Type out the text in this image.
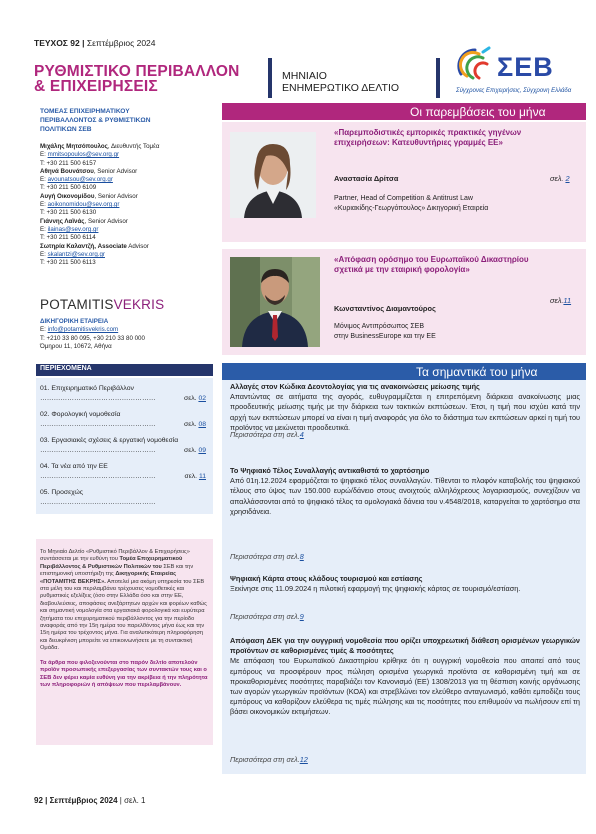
ΤΕΥΧΟΣ 92 | Σεπτέμβριος 2024
ΡΥΘΜΙΣΤΙΚΟ ΠΕΡΙΒΑΛΛΟΝ
& ΕΠΙΧΕΙΡΗΣΕΙΣ
ΜΗΝΙΑΙΟ
ΕΝΗΜΕΡΩΤΙΚΟ ΔΕΛΤΙΟ
ΣΕΒ
Σύγχρονες Επιχειρήσεις, Σύγχρονη Ελλάδα
ΤΟΜΕΑΣ ΕΠΙΧΕΙΡΗΜΑΤΙΚΟΥ
ΠΕΡΙΒΑΛΛΟΝΤΟΣ & ΡΥΘΜΙΣΤΙΚΩΝ
ΠΟΛΙΤΙΚΩΝ ΣΕΒ
Μιχάλης Μητσόπουλος, Διευθυντής Τομέα
E: mmitsopoulos@sev.org.gr
T: +30 211 500 6157
Αθηνά Βουνάτσου, Senior Advisor
E: avounatsou@sev.org.gr
T: +30 211 500 6109
Αυγή Οικονομίδου, Senior Advisor
E: aoikonomidou@sev.org.gr
T: +30 211 500 6130
Γιάννης Λαϊνάς, Senior Advisor
E: ilainas@sev.org.gr
T: +30 211 500 6114
Σωτηρία Καλαντζή, Associate Advisor
E: skalantzi@sev.org.gr
T: +30 211 500 6113
POTAMITISVEKRIS
ΔΙΚΗΓΟΡΙΚΗ ΕΤΑΙΡΕΙΑ
E: info@potamitisvekris.com
T: +210 33 80 095, +30 210 33 80 000
Όμηρου 11, 10672, Αθήνα
ΠΕΡΙΕΧΟΜΕΝΑ
01. Επιχειρηματικό Περιβάλλον
……………………………………………	σελ. 02
02. Φορολογική νομοθεσία
……………………………………………	σελ. 08
03. Εργασιακές σχέσεις & εργατική νομοθεσία
……………………………………………	σελ. 09
04. Τα νέα από την ΕΕ
……………………………………………	σελ. 11
05. Προσεχώς
……………………………………………
Το Μηνιαίο Δελτίο «Ρυθμιστικό Περιβάλλον & Επιχειρήσεις» συντάσσεται με την ευθύνη του Τομέα Επιχειρηματικού Περιβάλλοντος & Ρυθμιστικών Πολιτικών του ΣΕΒ και την επιστημονική υποστήριξη της Δικηγορικής Εταιρείας «ΠΟΤΑΜΙΤΗΣ ΒΕΚΡΗΣ». Αποτελεί μια ακόμη υπηρεσία του ΣΕΒ στα μέλη του και περιλαμβάνει τρέχουσες νομοθετικές και ρυθμιστικές εξελίξεις (όσο στην Ελλάδα όσο και στην ΕΕ, διαβουλεύσεις, αποφάσεις ανεξάρτητων αρχών και φορέων καθώς και σημαντική νομολογία στα εργασιακά φορολογικά και ευρύτερα ζητήματα του επιχειρηματικού περιβάλλοντος για την περίοδο αναφοράς από την 15η ημέρα του παρελθόντος μήνα έως και την 15η ημέρα του τρέχοντος μήνα. Για αναλυτικότερη πληροφόρηση και διευκρίνιση μπορείτε να επικοινωνήσετε με τη συντακτική Ομάδα.
Τα άρθρα που φιλοξενούνται στο παρόν δελτίο αποτελούν προϊόν προσωπικής επεξεργασίας των συντακτών τους και ο ΣΕΒ δεν φέρει καμία ευθύνη για την ακρίβεια ή την πληρότητα των πληροφοριών ή απόψεων που περιλαμβάνουν.
Οι παρεμβάσεις του μήνα
«Παρεμποδιστικές εμπορικές πρακτικές γηγένων επιχειρήσεων: Κατευθυντήριες γραμμές ΕΕ»
Αναστασία Δρίτσα	σελ. 2
Partner, Head of Competition & Antitrust Law
«Κυριακίδης-Γεωργόπουλος» Δικηγορική Εταιρεία
«Απόφαση ορόσημο του Ευρωπαϊκού Δικαστηρίου σχετικά με την εταιρική φορολογία»
Κωνσταντίνος Διαμαντούρος
σελ.11
Μόνιμος Αντιπρόσωπος ΣΕΒ
στην BusinessEurope και την ΕΕ
Τα σημαντικά του μήνα
Αλλαγές στον Κώδικα Δεοντολογίας για τις ανακοινώσεις μείωσης τιμής
Απαντώντας σε αιτήματα της αγοράς, ευθυγραμμίζεται η επιτρεπόμενη διάρκεια ανακοίνωσης μιας προοδευτικής μείωσης τιμής με την διάρκεια των τακτικών εκπτώσεων. Έτσι, η τιμή που ισχύει κατά την αρχή των εκπτώσεων μπορεί να είναι η τιμή αναφοράς για όλο το διάστημα των εκπτώσεων αρκεί η τιμή του προϊόντος να μειώνεται προοδευτικά.
Περισσότερα στη σελ.4
Το Ψηφιακό Τέλος Συναλλαγής αντικαθιστά το χαρτόσημο
Από 01η.12.2024 εφαρμόζεται το ψηφιακό τέλος συναλλαγών. Τίθενται το πλαφόν καταβολής του ψηφιακού τέλους στο ύψος των 150.000 ευρώ/δάνειο στους ανοιχτούς αλληλόχρεους λογαριασμούς, συνεχίζουν να απαλλάσσονται από το ψηφιακό τέλος τα ομολογιακά δάνεια του ν.4548/2018, καταργείται το χαρτόσημο στα χρησιδάνεια.
Περισσότερα στη σελ.8
Ψηφιακή Κάρτα στους κλάδους τουρισμού και εστίασης
Ξεκίνησε στις 11.09.2024 η πιλοτική εφαρμογή της ψηφιακής κάρτας σε τουρισμό/εστίαση.
Περισσότερα στη σελ.9
Απόφαση ΔΕΚ για την ουγγρική νομοθεσία που ορίζει υποχρεωτική διάθεση ορισμένων γεωργικών προϊόντων σε καθορισμένες τιμές & ποσότητες
Με απόφαση του Ευρωπαϊκού Δικαστηρίου κρίθηκε ότι η ουγγρική νομοθεσία που απαιτεί από τους εμπόρους να προσφέρουν προς πώληση ορισμένα γεωργικά προϊόντα σε καθορισμένη τιμή και σε προκαθορισμένες ποσότητες παραβιάζει τον Κανονισμό (ΕΕ) 1308/2013 για τη θέσπιση κοινής οργάνωσης των αγορών γεωργικών προϊόντων (ΚΟΑ) και στρεβλώνει τον ελεύθερο ανταγωνισμό, καθότι εμποδίζει τους εμπόρους να καθορίζουν ελεύθερα τις τιμές πώλησης και τις ποσότητες που επιθυμούν να πωλήσουν επί τη βάσει οικονομικών εκτιμήσεων.
Περισσότερα στη σελ.12
92 | Σεπτέμβριος 2024 | σελ. 1
